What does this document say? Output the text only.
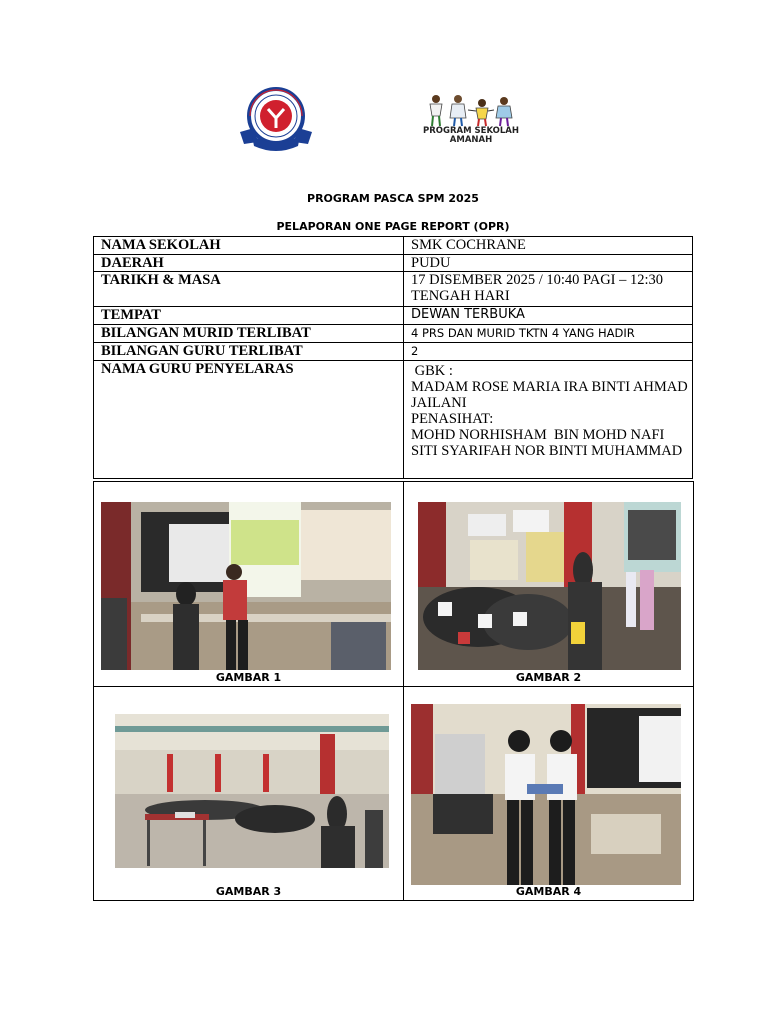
PROGRAM SEKOLAH AMANAH
PROGRAM PASCA SPM 2025
PELAPORAN ONE PAGE REPORT (OPR)
NAMA SEKOLAH	SMK COCHRANE
DAERAH	PUDU
TARIKH & MASA	17 DISEMBER 2025 / 10:40 PAGI – 12:30 TENGAH HARI
TEMPAT	DEWAN TERBUKA
BILANGAN MURID TERLIBAT	4 PRS DAN MURID TKTN 4 YANG HADIR
BILANGAN GURU TERLIBAT	2
NAMA GURU PENYELARAS	GBK :
MADAM ROSE MARIA IRA BINTI AHMAD JAILANI
PENASIHAT:
MOHD NORHISHAM  BIN MOHD NAFI
SITI SYARIFAH NOR BINTI MUHAMMAD
GAMBAR 1	GAMBAR 2

GAMBAR 3	GAMBAR 4
